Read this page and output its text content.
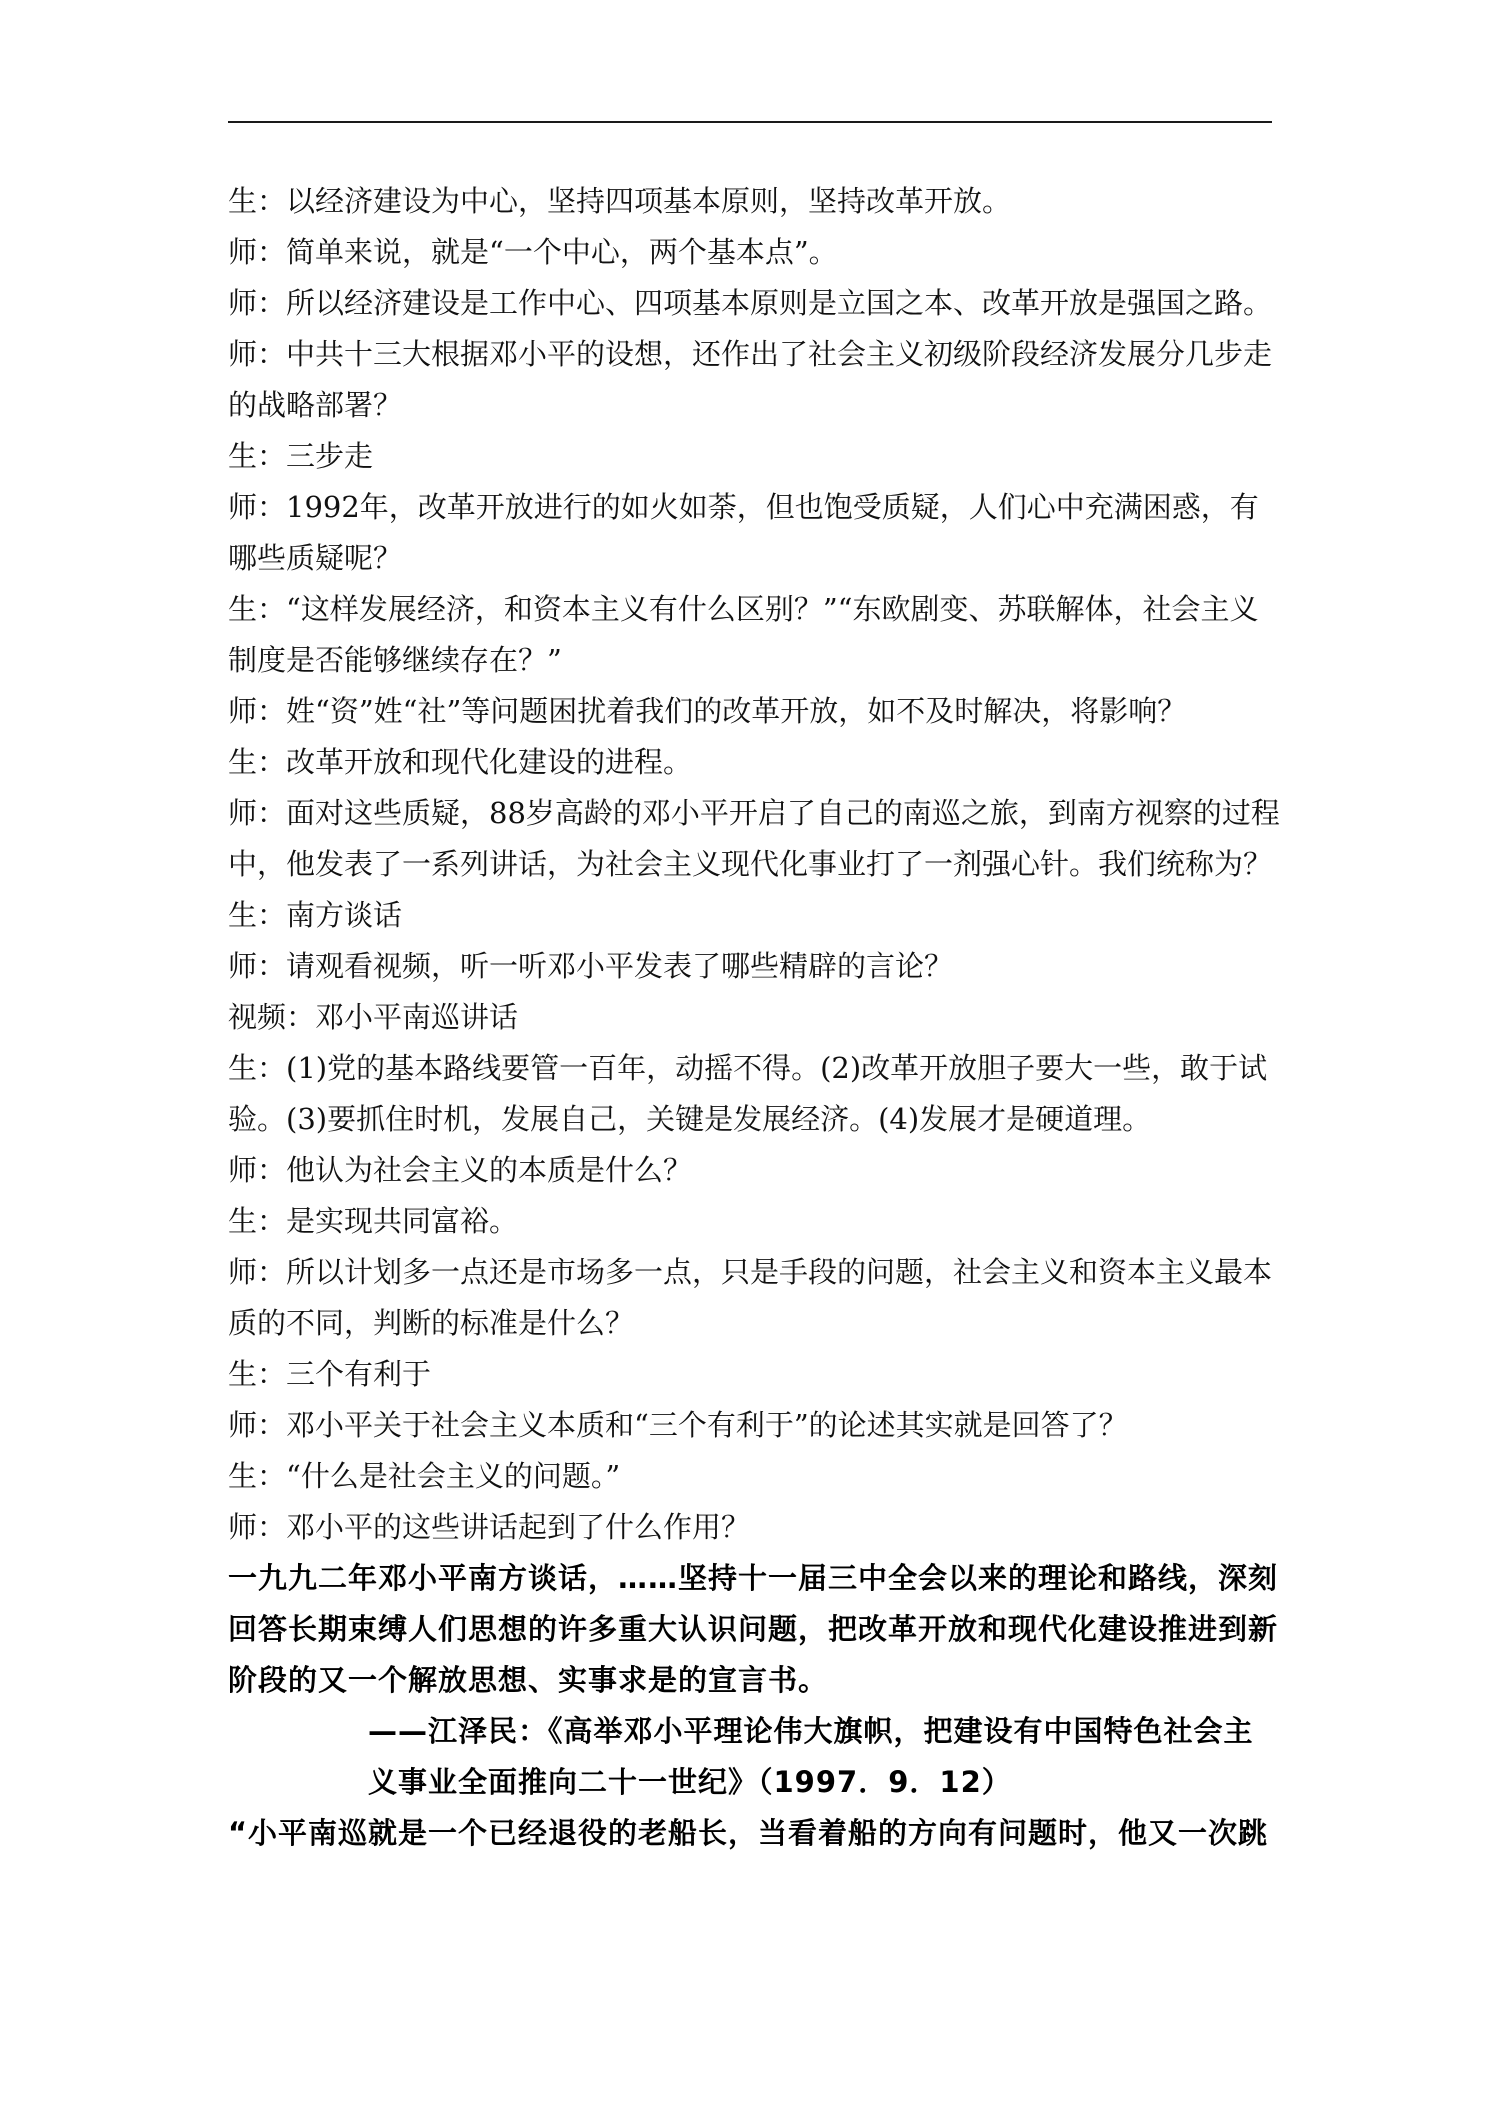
生：以经济建设为中心，坚持四项基本原则，坚持改革开放。

师：简单来说，就是“一个中心，两个基本点”。

师：所以经济建设是工作中心、四项基本原则是立国之本、改革开放是强国之路。

师：中共十三大根据邓小平的设想，还作出了社会主义初级阶段经济发展分几步走的战略部署？

生：三步走

师：1992年，改革开放进行的如火如荼，但也饱受质疑，人们心中充满困惑，有哪些质疑呢？

生：“这样发展经济，和资本主义有什么区别？”“东欧剧变、苏联解体，社会主义制度是否能够继续存在？”

师：姓“资”姓“社”等问题困扰着我们的改革开放，如不及时解决，将影响？

生：改革开放和现代化建设的进程。

师：面对这些质疑，88岁高龄的邓小平开启了自己的南巡之旅，到南方视察的过程中，他发表了一系列讲话，为社会主义现代化事业打了一剂强心针。我们统称为？

生：南方谈话

师：请观看视频，听一听邓小平发表了哪些精辟的言论？

视频：邓小平南巡讲话

生：(1)党的基本路线要管一百年，动摇不得。(2)改革开放胆子要大一些，敢于试验。(3)要抓住时机，发展自己，关键是发展经济。(4)发展才是硬道理。

师：他认为社会主义的本质是什么？

生：是实现共同富裕。

师：所以计划多一点还是市场多一点，只是手段的问题，社会主义和资本主义最本质的不同，判断的标准是什么？

生：三个有利于

师：邓小平关于社会主义本质和“三个有利于”的论述其实就是回答了？

生：“什么是社会主义的问题。”

师：邓小平的这些讲话起到了什么作用？

一九九二年邓小平南方谈话，……坚持十一届三中全会以来的理论和路线，深刻回答长期束缚人们思想的许多重大认识问题，把改革开放和现代化建设推进到新阶段的又一个解放思想、实事求是的宣言书。

——江泽民：《高举邓小平理论伟大旗帜，把建设有中国特色社会主义事业全面推向二十一世纪》（1997．9．12）

“小平南巡就是一个已经退役的老船长，当看着船的方向有问题时，他又一次跳
